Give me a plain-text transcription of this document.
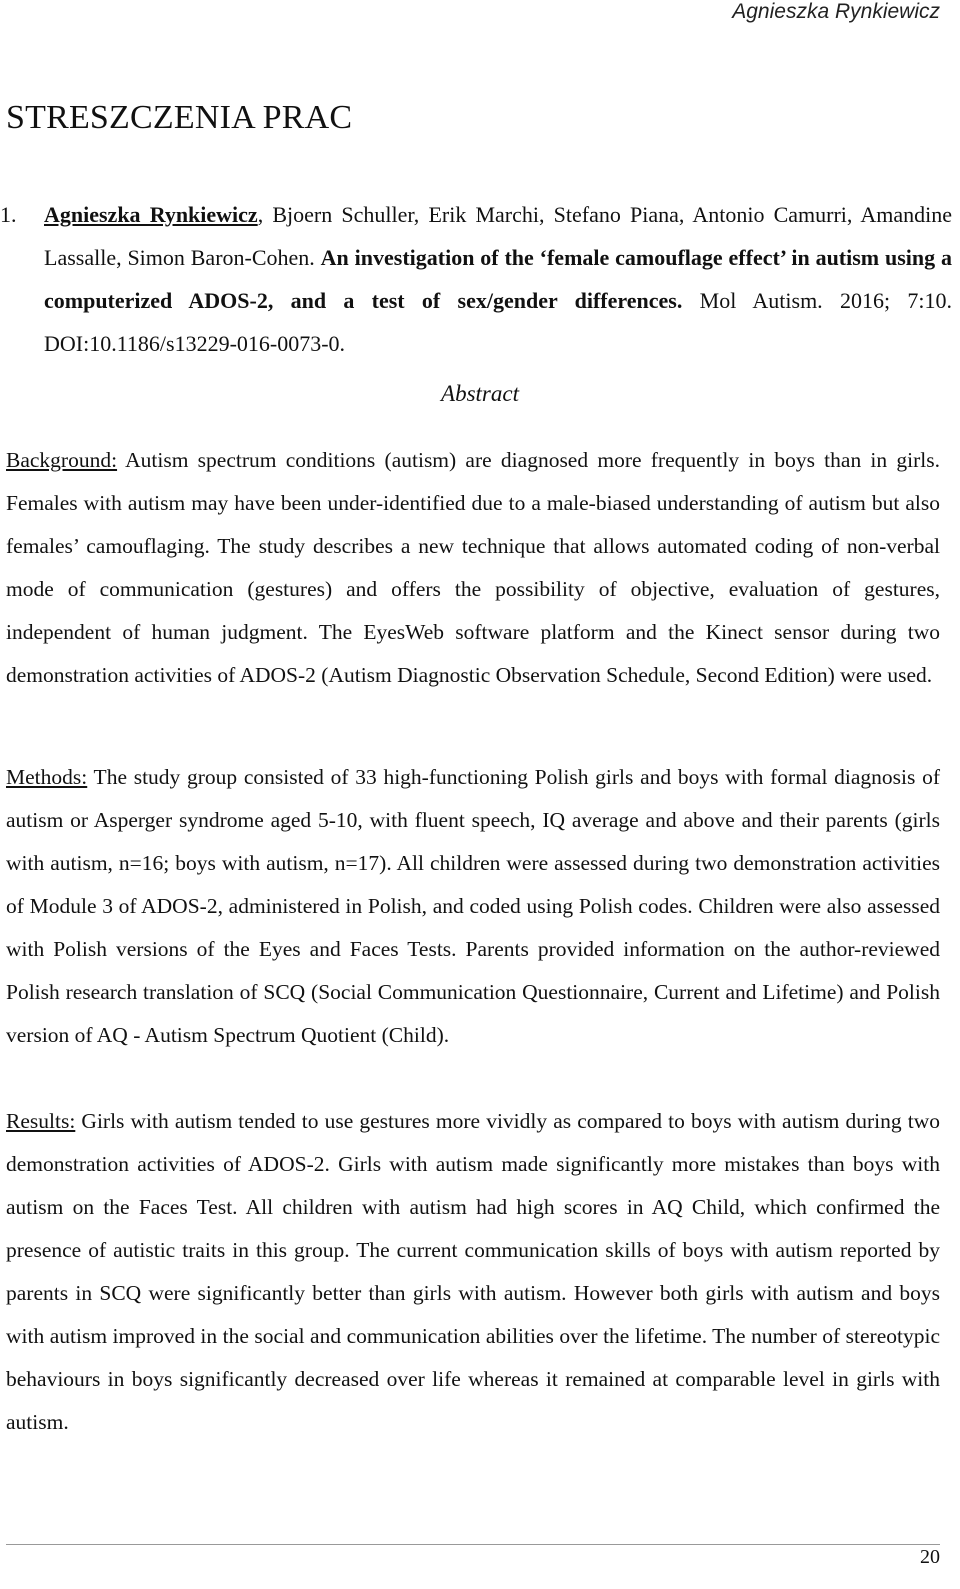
Agnieszka Rynkiewicz
STRESZCZENIA PRAC
1. Agnieszka Rynkiewicz, Bjoern Schuller, Erik Marchi, Stefano Piana, Antonio Camurri, Amandine Lassalle, Simon Baron-Cohen. An investigation of the ‘female camouflage effect’ in autism using a computerized ADOS-2, and a test of sex/gender differences. Mol Autism. 2016; 7:10. DOI:10.1186/s13229-016-0073-0.
Abstract
Background: Autism spectrum conditions (autism) are diagnosed more frequently in boys than in girls. Females with autism may have been under-identified due to a male-biased understanding of autism but also females’ camouflaging. The study describes a new technique that allows automated coding of non-verbal mode of communication (gestures) and offers the possibility of objective, evaluation of gestures, independent of human judgment. The EyesWeb software platform and the Kinect sensor during two demonstration activities of ADOS-2 (Autism Diagnostic Observation Schedule, Second Edition) were used.
Methods: The study group consisted of 33 high-functioning Polish girls and boys with formal diagnosis of autism or Asperger syndrome aged 5-10, with fluent speech, IQ average and above and their parents (girls with autism, n=16; boys with autism, n=17). All children were assessed during two demonstration activities of Module 3 of ADOS-2, administered in Polish, and coded using Polish codes. Children were also assessed with Polish versions of the Eyes and Faces Tests. Parents provided information on the author-reviewed Polish research translation of SCQ (Social Communication Questionnaire, Current and Lifetime) and Polish version of AQ - Autism Spectrum Quotient (Child).
Results: Girls with autism tended to use gestures more vividly as compared to boys with autism during two demonstration activities of ADOS-2. Girls with autism made significantly more mistakes than boys with autism on the Faces Test. All children with autism had high scores in AQ Child, which confirmed the presence of autistic traits in this group. The current communication skills of boys with autism reported by parents in SCQ were significantly better than girls with autism. However both girls with autism and boys with autism improved in the social and communication abilities over the lifetime. The number of stereotypic behaviours in boys significantly decreased over life whereas it remained at comparable level in girls with autism.
20
